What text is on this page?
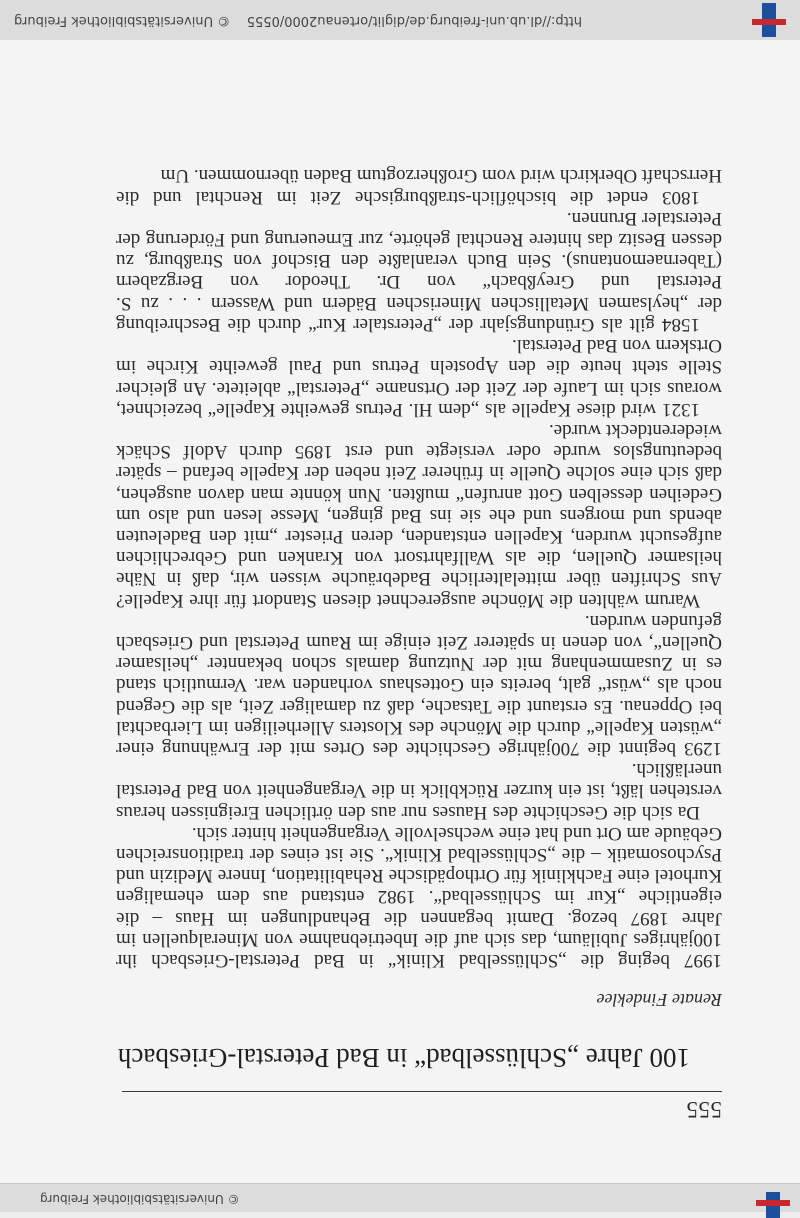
http://dl.ub.uni-freiburg.de/diglit/ortenau2000/0555    © Universitätsbibliothek Freiburg
555
100 Jahre „Schlüsselbad“ in Bad Peterstal-Griesbach
Renate Findeklee

1997 beging die „Schlüsselbad Klinik“ in Bad Peterstal-Griesbach ihr 100jähriges Jubiläum, das sich auf die Inbetriebnahme von Mineralquellen im Jahre 1897 bezog. Damit begannen die Behandlungen im Haus – die eigentliche „Kur im Schlüsselbad“. 1982 entstand aus dem ehemaligen Kurhotel eine Fachklinik für Orthopädische Rehabilitation, Innere Medizin und Psychosomatik – die „Schlüsselbad Klinik“. Sie ist eines der traditionsreichen Gebäude am Ort und hat eine wechselvolle Vergangenheit hinter sich.

Da sich die Geschichte des Hauses nur aus den örtlichen Ereignissen heraus verstehen läßt, ist ein kurzer Rückblick in die Vergangenheit von Bad Peterstal unerläßlich.

1293 beginnt die 700jährige Geschichte des Ortes mit der Erwähnung einer „wüsten Kapelle“ durch die Mönche des Klosters Allerheiligen im Lierbachtal bei Oppenau. Es erstaunt die Tatsache, daß zu damaliger Zeit, als die Gegend noch als „wüst“ galt, bereits ein Gotteshaus vorhanden war. Vermutlich stand es in Zusammenhang mit der Nutzung damals schon bekannter „heilsamer Quellen“, von denen in späterer Zeit einige im Raum Peterstal und Griesbach gefunden wurden.

Warum wählten die Mönche ausgerechnet diesen Standort für ihre Kapelle? Aus Schriften über mittelalterliche Badebräuche wissen wir, daß in Nähe heilsamer Quellen, die als Wallfahrtsort von Kranken und Gebrechlichen aufgesucht wurden, Kapellen entstanden, deren Priester „mit den Badeleuten abends und morgens und ehe sie ins Bad gingen, Messe lesen und also um Gedeihen desselben Gott anrufen“ mußten. Nun könnte man davon ausgehen, daß sich eine solche Quelle in früherer Zeit neben der Kapelle befand – später bedeutungslos wurde oder versiegte und erst 1895 durch Adolf Schäck wiederentdeckt wurde.

1321 wird diese Kapelle als „dem Hl. Petrus geweihte Kapelle“ bezeichnet, woraus sich im Laufe der Zeit der Ortsname „Peterstal“ ableitete. An gleicher Stelle steht heute die den Aposteln Petrus und Paul geweihte Kirche im Ortskern von Bad Peterstal.

1584 gilt als Gründungsjahr der „Peterstaler Kur“ durch die Beschreibung der „heylsamen Metallischen Minerischen Bädern und Wassern . . . zu S. Peterstal und Greyßbach“ von Dr. Theodor von Bergzabern (Tabernaemontanus). Sein Buch veranlaßte den Bischof von Straßburg, zu dessen Besitz das hintere Renchtal gehörte, zur Erneuerung und Förderung der Peterstaler Brunnen.

1803 endet die bischöflich-straßburgische Zeit im Renchtal und die Herrschaft Oberkirch wird vom Großherzogtum Baden übernommen. Um

© Universitätsbibliothek Freiburg
